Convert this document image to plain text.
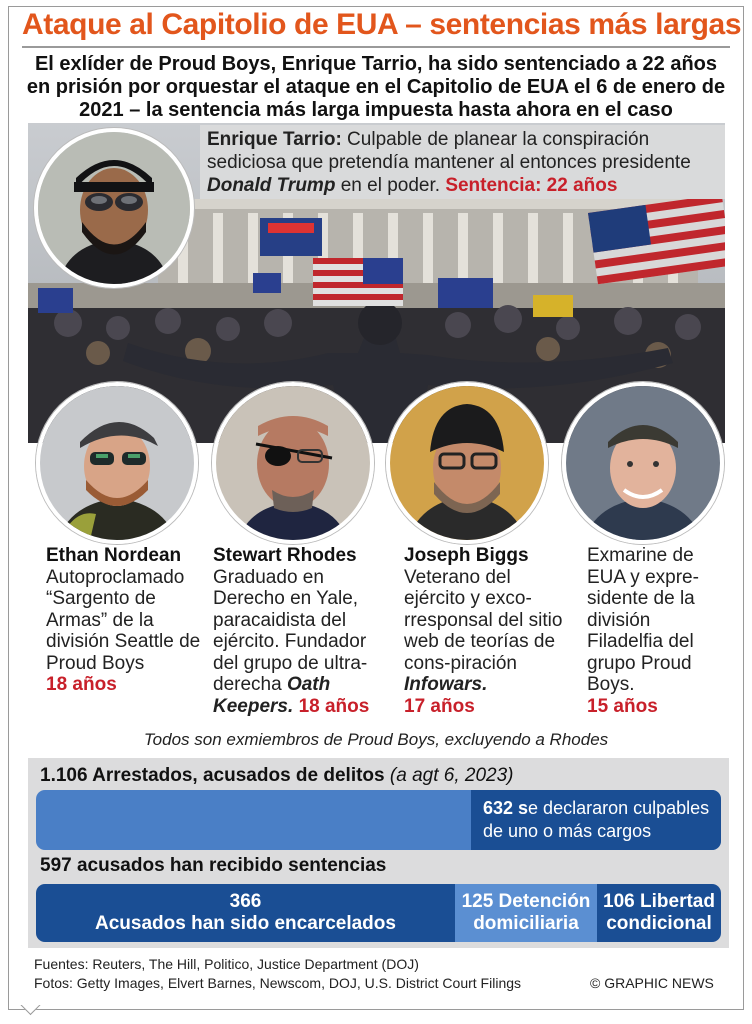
Ataque al Capitolio de EUA – sentencias más largas
El exlíder de Proud Boys, Enrique Tarrio, ha sido sentenciado a 22 años en prisión por orquestar el ataque en el Capitolio de EUA el 6 de enero de 2021 – la sentencia más larga impuesta hasta ahora en el caso
Enrique Tarrio: Culpable de planear la conspiración sediciosa que pretendía mantener al entonces presidente Donald Trump en el poder. Sentencia: 22 años
Ethan Nordean
Autoproclamado “Sargento de Armas” de la división Seattle de Proud Boys
18 años
Stewart Rhodes
Graduado en Derecho en Yale, paracaidista del ejército. Fundador del grupo de ultra-derecha Oath Keepers. 18 años
Joseph Biggs
Veterano del ejército y exco-rresponsal del sitio web de teorías de cons-piración Infowars.
17 años
Exmarine de EUA y expre-sidente de la división Filadelfia del grupo Proud Boys.
15 años
Todos son exmiembros de Proud Boys, excluyendo a Rhodes
1.106 Arrestados, acusados de delitos (a agt 6, 2023)
632 se declararon culpables
de uno o más cargos
597 acusados han recibido sentencias
366
Acusados han sido encarcelados
125 Detención
domiciliaria
106 Libertad
condicional
Fuentes: Reuters, The Hill, Politico, Justice Department (DOJ)
Fotos: Getty Images, Elvert Barnes, Newscom, DOJ, U.S. District Court Filings	© GRAPHIC NEWS
